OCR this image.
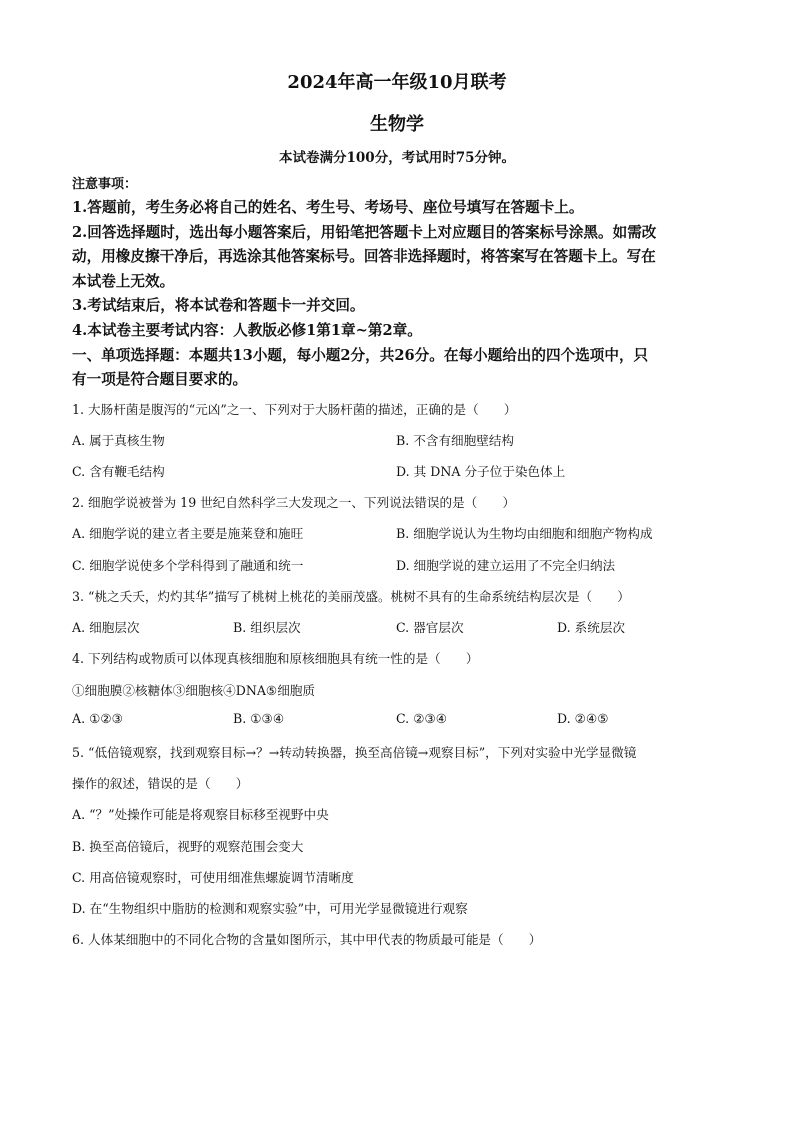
2024年高一年级10月联考
生物学
本试卷满分100分，考试用时75分钟。
注意事项：
1.答题前，考生务必将自己的姓名、考生号、考场号、座位号填写在答题卡上。
2.回答选择题时，选出每小题答案后，用铅笔把答题卡上对应题目的答案标号涂黑。如需改
动，用橡皮擦干净后，再选涂其他答案标号。回答非选择题时，将答案写在答题卡上。写在
本试卷上无效。
3.考试结束后，将本试卷和答题卡一并交回。
4.本试卷主要考试内容：人教版必修1第1章~第2章。
一、单项选择题：本题共13小题，每小题2分，共26分。在每小题给出的四个选项中，只
有一项是符合题目要求的。
1. 大肠杆菌是腹泻的“元凶”之一、下列对于大肠杆菌的描述，正确的是（　　）
A. 属于真核生物	B. 不含有细胞壁结构
C. 含有鞭毛结构	D. 其 DNA 分子位于染色体上
2. 细胞学说被誉为 19 世纪自然科学三大发现之一、下列说法错误的是（　　）
A. 细胞学说的建立者主要是施莱登和施旺	B. 细胞学说认为生物均由细胞和细胞产物构成
C. 细胞学说使多个学科得到了融通和统一	D. 细胞学说的建立运用了不完全归纳法
3. “桃之夭夭，灼灼其华”描写了桃树上桃花的美丽茂盛。桃树不具有的生命系统结构层次是（　　）
A. 细胞层次	B. 组织层次	C. 器官层次	D. 系统层次
4. 下列结构或物质可以体现真核细胞和原核细胞具有统一性的是（　　）
①细胞膜②核糖体③细胞核④DNA⑤细胞质
A. ①②③	B. ①③④	C. ②③④	D. ②④⑤
5. “低倍镜观察，找到观察目标→？→转动转换器，换至高倍镜→观察目标”，下列对实验中光学显微镜
操作的叙述，错误的是（　　）
A. “？”处操作可能是将观察目标移至视野中央
B. 换至高倍镜后，视野的观察范围会变大
C. 用高倍镜观察时，可使用细准焦螺旋调节清晰度
D. 在“生物组织中脂肪的检测和观察实验”中，可用光学显微镜进行观察
6. 人体某细胞中的不同化合物的含量如图所示，其中甲代表的物质最可能是（　　）
